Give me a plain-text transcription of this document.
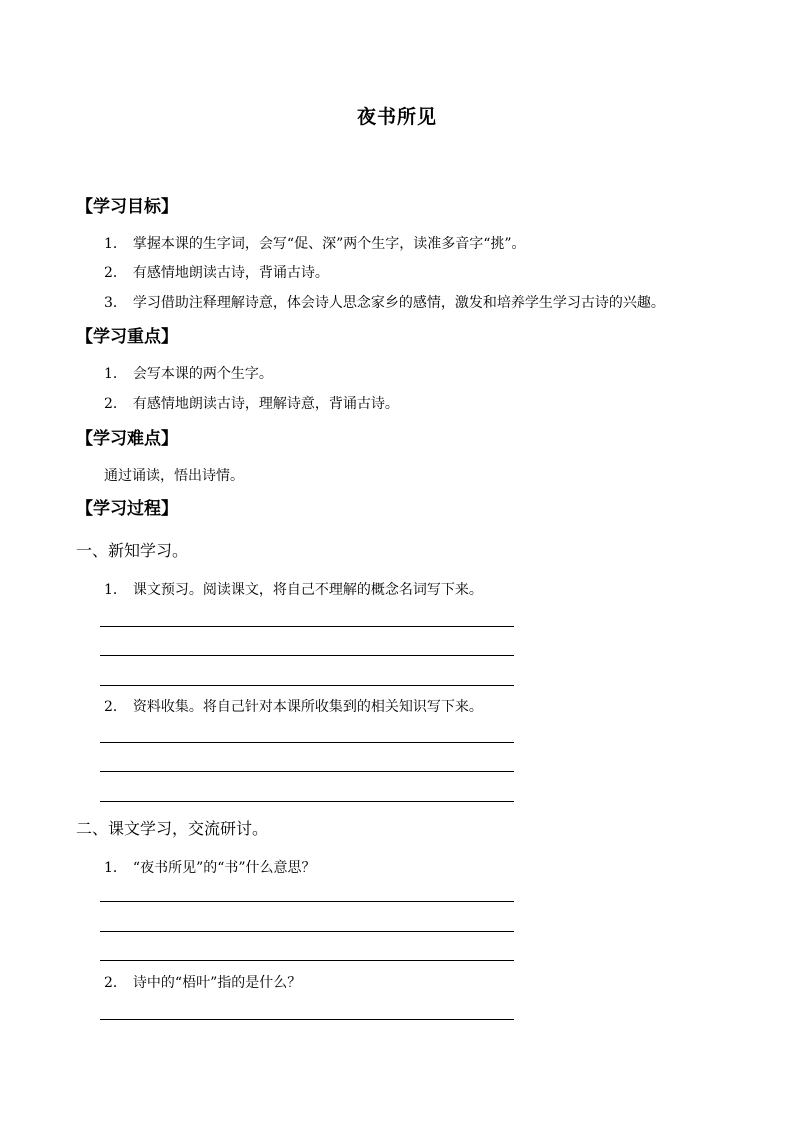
夜书所见
【学习目标】
1． 掌握本课的生字词，会写“促、深”两个生字，读准多音字“挑”。
2． 有感情地朗读古诗，背诵古诗。
3． 学习借助注释理解诗意，体会诗人思念家乡的感情，激发和培养学生学习古诗的兴趣。
【学习重点】
1． 会写本课的两个生字。
2． 有感情地朗读古诗，理解诗意，背诵古诗。
【学习难点】
通过诵读，悟出诗情。
【学习过程】
一、新知学习。
1． 课文预习。阅读课文，将自己不理解的概念名词写下来。
2． 资料收集。将自己针对本课所收集到的相关知识写下来。
二、课文学习，交流研讨。
1． “夜书所见”的“书”什么意思？
2． 诗中的“梧叶”指的是什么？
